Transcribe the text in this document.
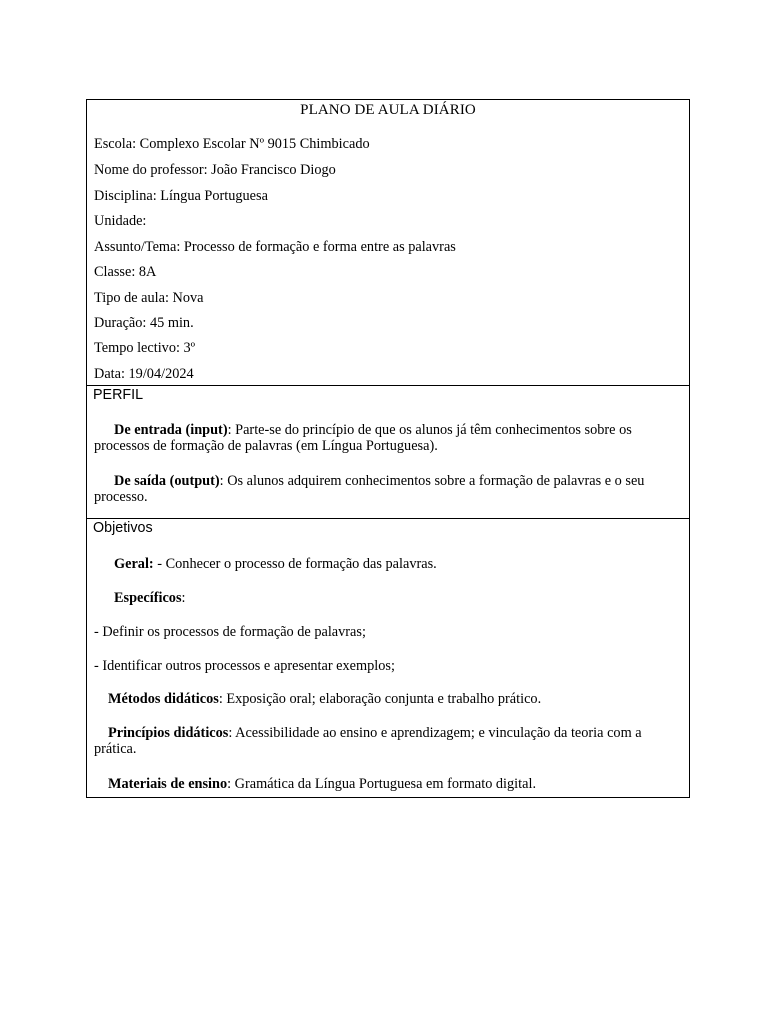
PLANO DE AULA DIÁRIO

Escola: Complexo Escolar Nº 9015 Chimbicado

Nome do professor: João Francisco Diogo

Disciplina: Língua Portuguesa

Unidade:

Assunto/Tema: Processo de formação e forma entre as palavras

Classe: 8A

Tipo de aula: Nova

Duração: 45 min.

Tempo lectivo: 3º

Data: 19/04/2024

PERFIL
De entrada (input): Parte-se do princípio de que os alunos já têm conhecimentos sobre os processos de formação de palavras (em Língua Portuguesa).
De saída (output): Os alunos adquirem conhecimentos sobre a formação de palavras e o seu processo.
Objetivos
Geral: - Conhecer o processo de formação das palavras.
Específicos:
- Definir os processos de formação de palavras;
- Identificar outros processos e apresentar exemplos;
Métodos didáticos: Exposição oral; elaboração conjunta e trabalho prático.
Princípios didáticos: Acessibilidade ao ensino e aprendizagem; e vinculação da teoria com a prática.
Materiais de ensino: Gramática da Língua Portuguesa em formato digital.
